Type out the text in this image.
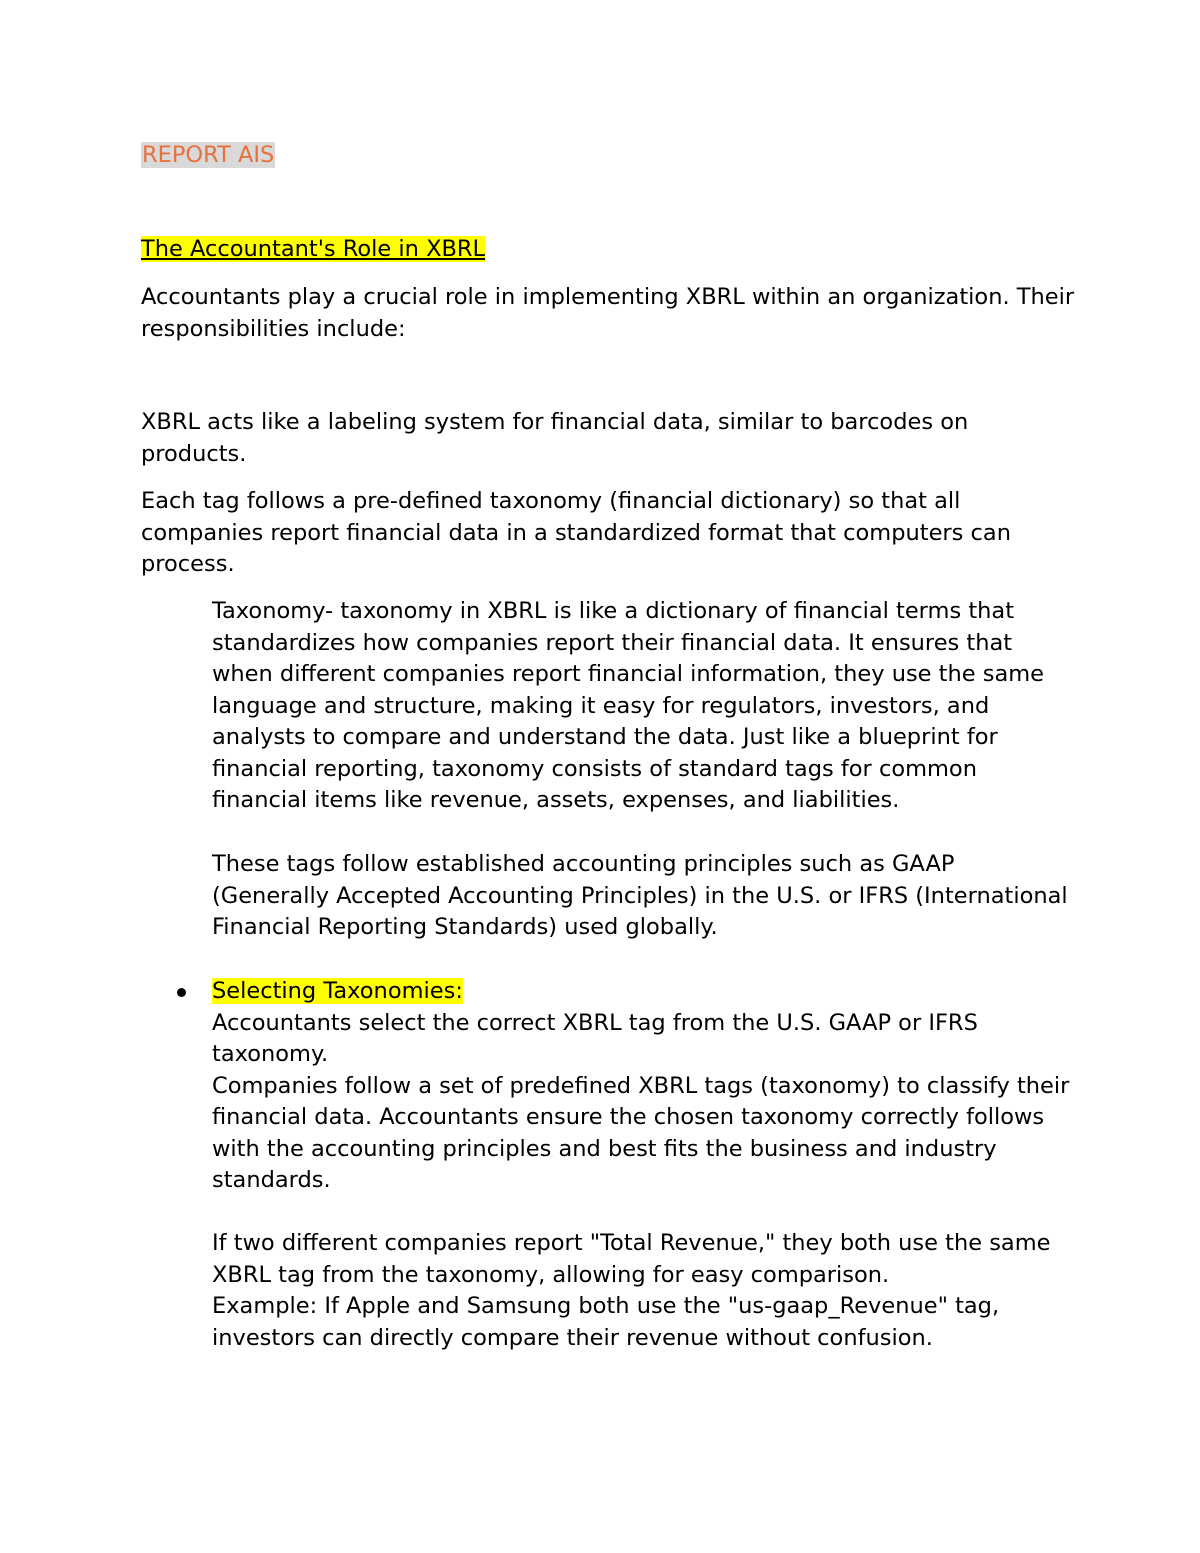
REPORT AIS

The Accountant's Role in XBRL

Accountants play a crucial role in implementing XBRL within an organization. Their responsibilities include:

XBRL acts like a labeling system for financial data, similar to barcodes on products.

Each tag follows a pre-defined taxonomy (financial dictionary) so that all companies report financial data in a standardized format that computers can process.

Taxonomy- taxonomy in XBRL is like a dictionary of financial terms that standardizes how companies report their financial data. It ensures that when different companies report financial information, they use the same language and structure, making it easy for regulators, investors, and analysts to compare and understand the data. Just like a blueprint for financial reporting, taxonomy consists of standard tags for common financial items like revenue, assets, expenses, and liabilities.

These tags follow established accounting principles such as GAAP (Generally Accepted Accounting Principles) in the U.S. or IFRS (International Financial Reporting Standards) used globally.

Selecting Taxonomies:

Accountants select the correct XBRL tag from the U.S. GAAP or IFRS taxonomy.

Companies follow a set of predefined XBRL tags (taxonomy) to classify their financial data. Accountants ensure the chosen taxonomy correctly follows with the accounting principles and best fits the business and industry standards.

If two different companies report "Total Revenue," they both use the same XBRL tag from the taxonomy, allowing for easy comparison.

Example: If Apple and Samsung both use the "us-gaap_Revenue" tag, investors can directly compare their revenue without confusion.
